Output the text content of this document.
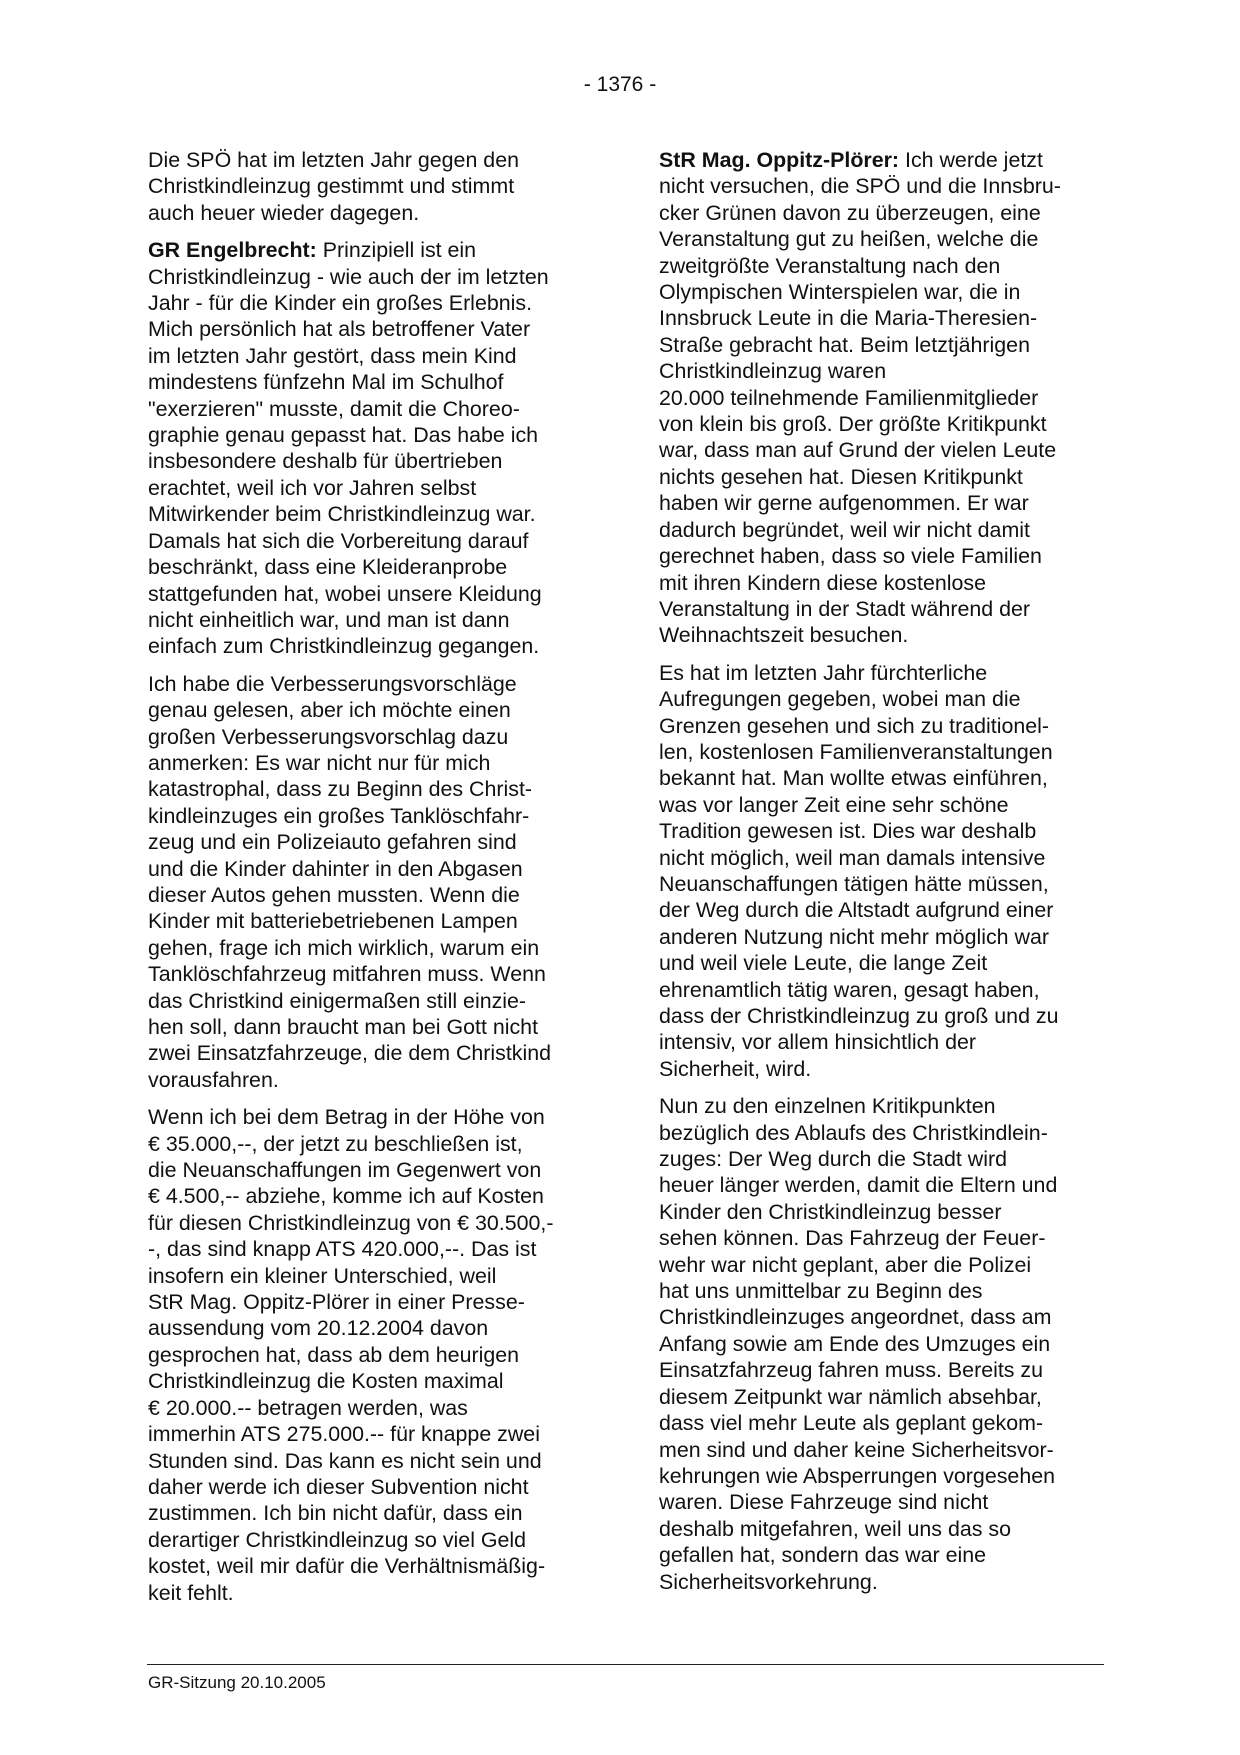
- 1376 -

Die SPÖ hat im letzten Jahr gegen den
Christkindleinzug gestimmt und stimmt
auch heuer wieder dagegen.

GR Engelbrecht: Prinzipiell ist ein
Christkindleinzug - wie auch der im letzten
Jahr - für die Kinder ein großes Erlebnis.
Mich persönlich hat als betroffener Vater
im letzten Jahr gestört, dass mein Kind
mindestens fünfzehn Mal im Schulhof
"exerzieren" musste, damit die Choreo-
graphie genau gepasst hat. Das habe ich
insbesondere deshalb für übertrieben
erachtet, weil ich vor Jahren selbst
Mitwirkender beim Christkindleinzug war.
Damals hat sich die Vorbereitung darauf
beschränkt, dass eine Kleideranprobe
stattgefunden hat, wobei unsere Kleidung
nicht einheitlich war, und man ist dann
einfach zum Christkindleinzug gegangen.

Ich habe die Verbesserungsvorschläge
genau gelesen, aber ich möchte einen
großen Verbesserungsvorschlag dazu
anmerken: Es war nicht nur für mich
katastrophal, dass zu Beginn des Christ-
kindleinzuges ein großes Tanklöschfahr-
zeug und ein Polizeiauto gefahren sind
und die Kinder dahinter in den Abgasen
dieser Autos gehen mussten. Wenn die
Kinder mit batteriebetriebenen Lampen
gehen, frage ich mich wirklich, warum ein
Tanklöschfahrzeug mitfahren muss. Wenn
das Christkind einigermaßen still einzie-
hen soll, dann braucht man bei Gott nicht
zwei Einsatzfahrzeuge, die dem Christkind
vorausfahren.

Wenn ich bei dem Betrag in der Höhe von
€ 35.000,--, der jetzt zu beschließen ist,
die Neuanschaffungen im Gegenwert von
€ 4.500,-- abziehe, komme ich auf Kosten
für diesen Christkindleinzug von € 30.500,-
-, das sind knapp ATS 420.000,--. Das ist
insofern ein kleiner Unterschied, weil
StR Mag. Oppitz-Plörer in einer Presse-
aussendung vom 20.12.2004 davon
gesprochen hat, dass ab dem heurigen
Christkindleinzug die Kosten maximal
€ 20.000.-- betragen werden, was
immerhin ATS 275.000.-- für knappe zwei
Stunden sind. Das kann es nicht sein und
daher werde ich dieser Subvention nicht
zustimmen. Ich bin nicht dafür, dass ein
derartiger Christkindleinzug so viel Geld
kostet, weil mir dafür die Verhältnismäßig-
keit fehlt.

StR Mag. Oppitz-Plörer: Ich werde jetzt
nicht versuchen, die SPÖ und die Innsbru-
cker Grünen davon zu überzeugen, eine
Veranstaltung gut zu heißen, welche die
zweitgrößte Veranstaltung nach den
Olympischen Winterspielen war, die in
Innsbruck Leute in die Maria-Theresien-
Straße gebracht hat. Beim letztjährigen
Christkindleinzug waren
20.000 teilnehmende Familienmitglieder
von klein bis groß. Der größte Kritikpunkt
war, dass man auf Grund der vielen Leute
nichts gesehen hat. Diesen Kritikpunkt
haben wir gerne aufgenommen. Er war
dadurch begründet, weil wir nicht damit
gerechnet haben, dass so viele Familien
mit ihren Kindern diese kostenlose
Veranstaltung in der Stadt während der
Weihnachtszeit besuchen.

Es hat im letzten Jahr fürchterliche
Aufregungen gegeben, wobei man die
Grenzen gesehen und sich zu traditionel-
len, kostenlosen Familienveranstaltungen
bekannt hat. Man wollte etwas einführen,
was vor langer Zeit eine sehr schöne
Tradition gewesen ist. Dies war deshalb
nicht möglich, weil man damals intensive
Neuanschaffungen tätigen hätte müssen,
der Weg durch die Altstadt aufgrund einer
anderen Nutzung nicht mehr möglich war
und weil viele Leute, die lange Zeit
ehrenamtlich tätig waren, gesagt haben,
dass der Christkindleinzug zu groß und zu
intensiv, vor allem hinsichtlich der
Sicherheit, wird.

Nun zu den einzelnen Kritikpunkten
bezüglich des Ablaufs des Christkindlein-
zuges: Der Weg durch die Stadt wird
heuer länger werden, damit die Eltern und
Kinder den Christkindleinzug besser
sehen können. Das Fahrzeug der Feuer-
wehr war nicht geplant, aber die Polizei
hat uns unmittelbar zu Beginn des
Christkindleinzuges angeordnet, dass am
Anfang sowie am Ende des Umzuges ein
Einsatzfahrzeug fahren muss. Bereits zu
diesem Zeitpunkt war nämlich absehbar,
dass viel mehr Leute als geplant gekom-
men sind und daher keine Sicherheitsvor-
kehrungen wie Absperrungen vorgesehen
waren. Diese Fahrzeuge sind nicht
deshalb mitgefahren, weil uns das so
gefallen hat, sondern das war eine
Sicherheitsvorkehrung.

GR-Sitzung 20.10.2005
